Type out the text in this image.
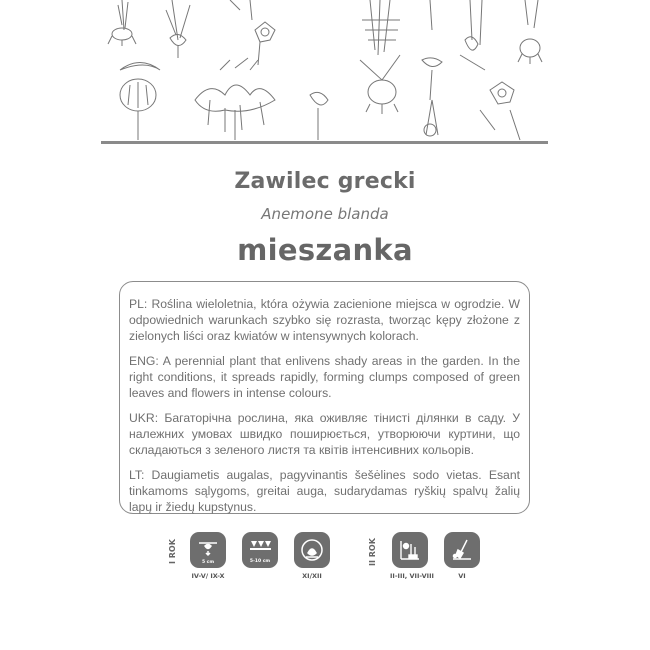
Zawilec grecki
Anemone blanda
mieszanka

PL: Roślina wieloletnia, która ożywia zacienione miejsca w ogrodzie. W odpowiednich warunkach szybko się rozrasta, tworząc kępy złożone z zielonych liści oraz kwiatów w intensywnych kolorach.

ENG: A perennial plant that enlivens shady areas in the garden. In the right conditions, it spreads rapidly, forming clumps composed of green leaves and flowers in intense colours.

UKR: Багаторічна рослина, яка оживляє тінисті ділянки в саду. У належних умовах швидко поширюється, утворюючи куртини, що складаються з зеленого листя та квітів інтенсивних кольорів.

LT: Daugiametis augalas, pagyvinantis šešėlines sodo vietas. Esant tinkamoms sąlygoms, greitai auga, sudarydamas ryškių spalvų žalių lapų ir žiedų kupstynus.

I ROK	5 cm
IV-V/ IX-X
5-10 cm
XI/XII
II ROK
II-III, VII-VIII	VI
